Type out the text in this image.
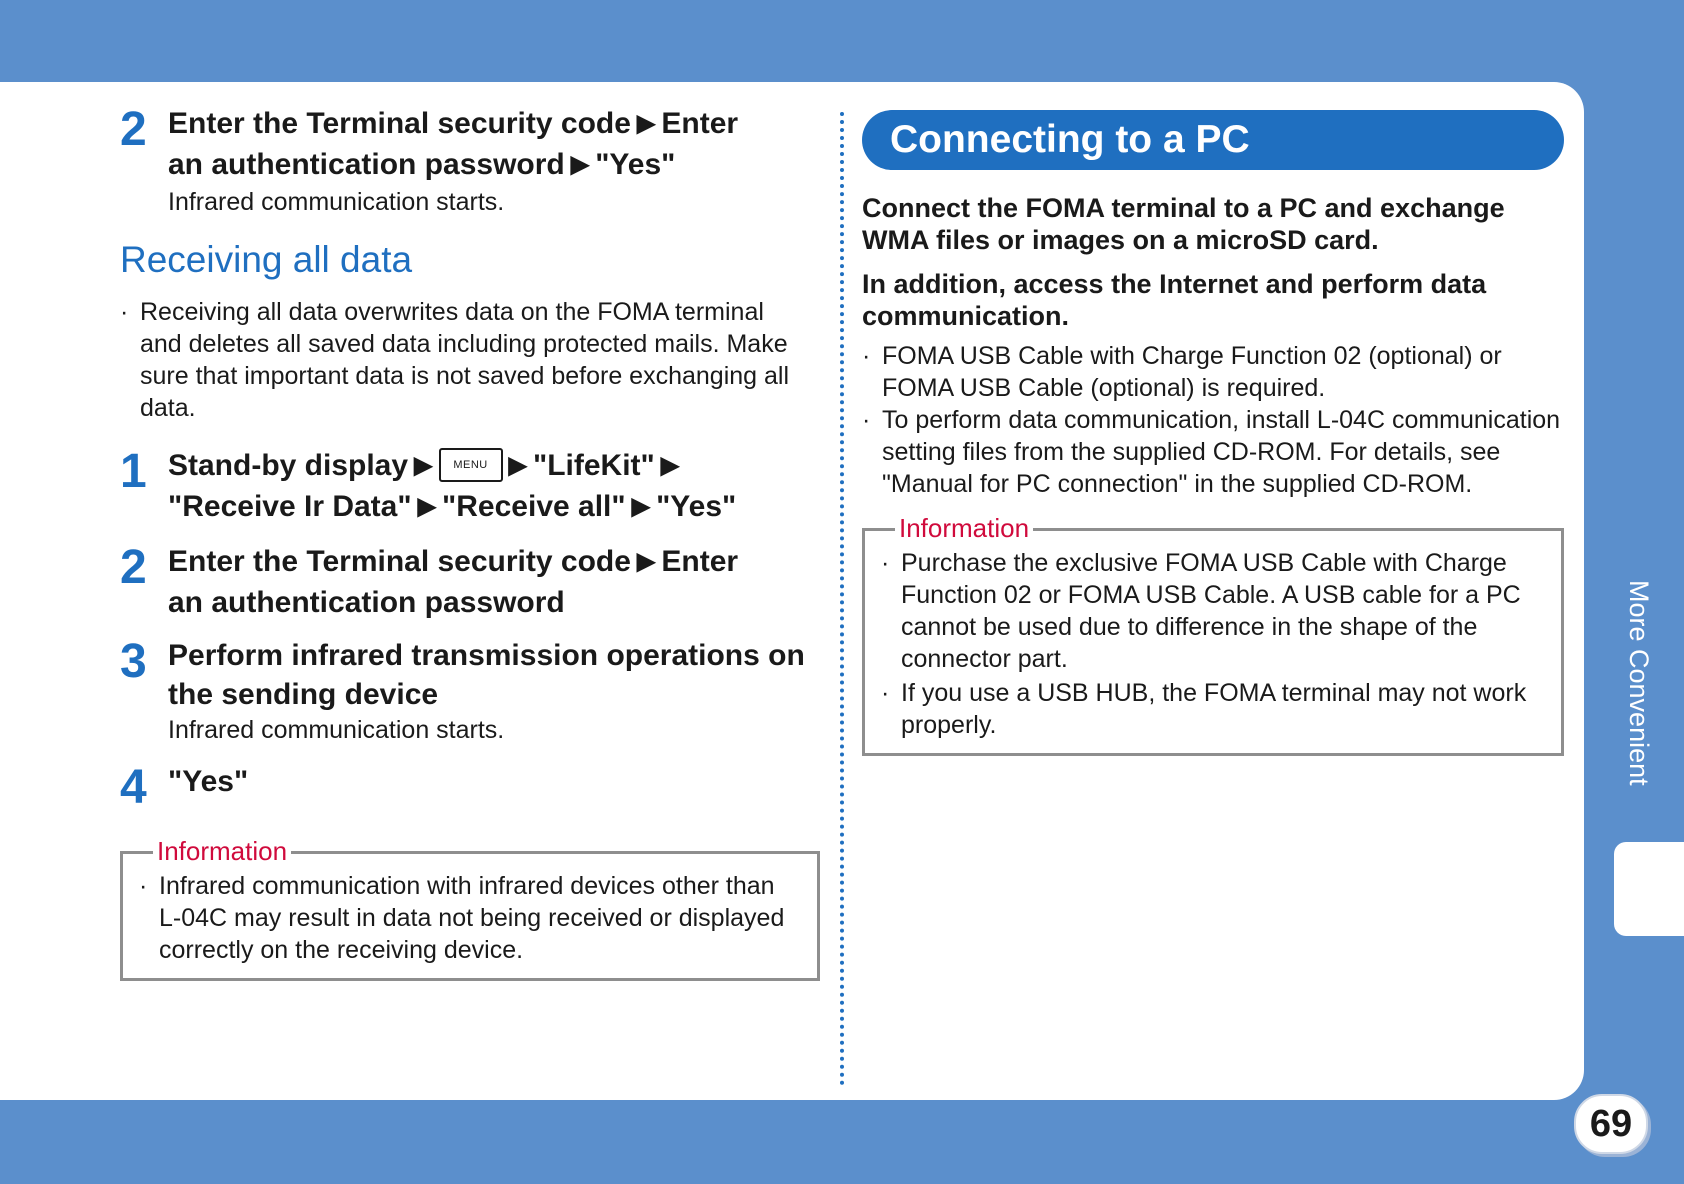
2 Enter the Terminal security code ▶ Enter
an authentication password ▶ "Yes"
Infrared communication starts.
Receiving all data
· Receiving all data overwrites data on the FOMA terminal and deletes all saved data including protected mails. Make sure that important data is not saved before exchanging all data.
1 Stand-by display ▶ MENU ▶ "LifeKit" ▶
"Receive Ir Data" ▶ "Receive all" ▶ "Yes"
2 Enter the Terminal security code ▶ Enter
an authentication password
3 Perform infrared transmission operations on the sending device
Infrared communication starts.
4 "Yes"
Information
· Infrared communication with infrared devices other than L-04C may result in data not being received or displayed correctly on the receiving device.
Connecting to a PC
Connect the FOMA terminal to a PC and exchange WMA files or images on a microSD card.
In addition, access the Internet and perform data communication.
· FOMA USB Cable with Charge Function 02 (optional) or FOMA USB Cable (optional) is required.
· To perform data communication, install L-04C communication setting files from the supplied CD-ROM. For details, see "Manual for PC connection" in the supplied CD-ROM.
Information
· Purchase the exclusive FOMA USB Cable with Charge Function 02 or FOMA USB Cable. A USB cable for a PC cannot be used due to difference in the shape of the connector part.
· If you use a USB HUB, the FOMA terminal may not work properly.	More Convenient
69
